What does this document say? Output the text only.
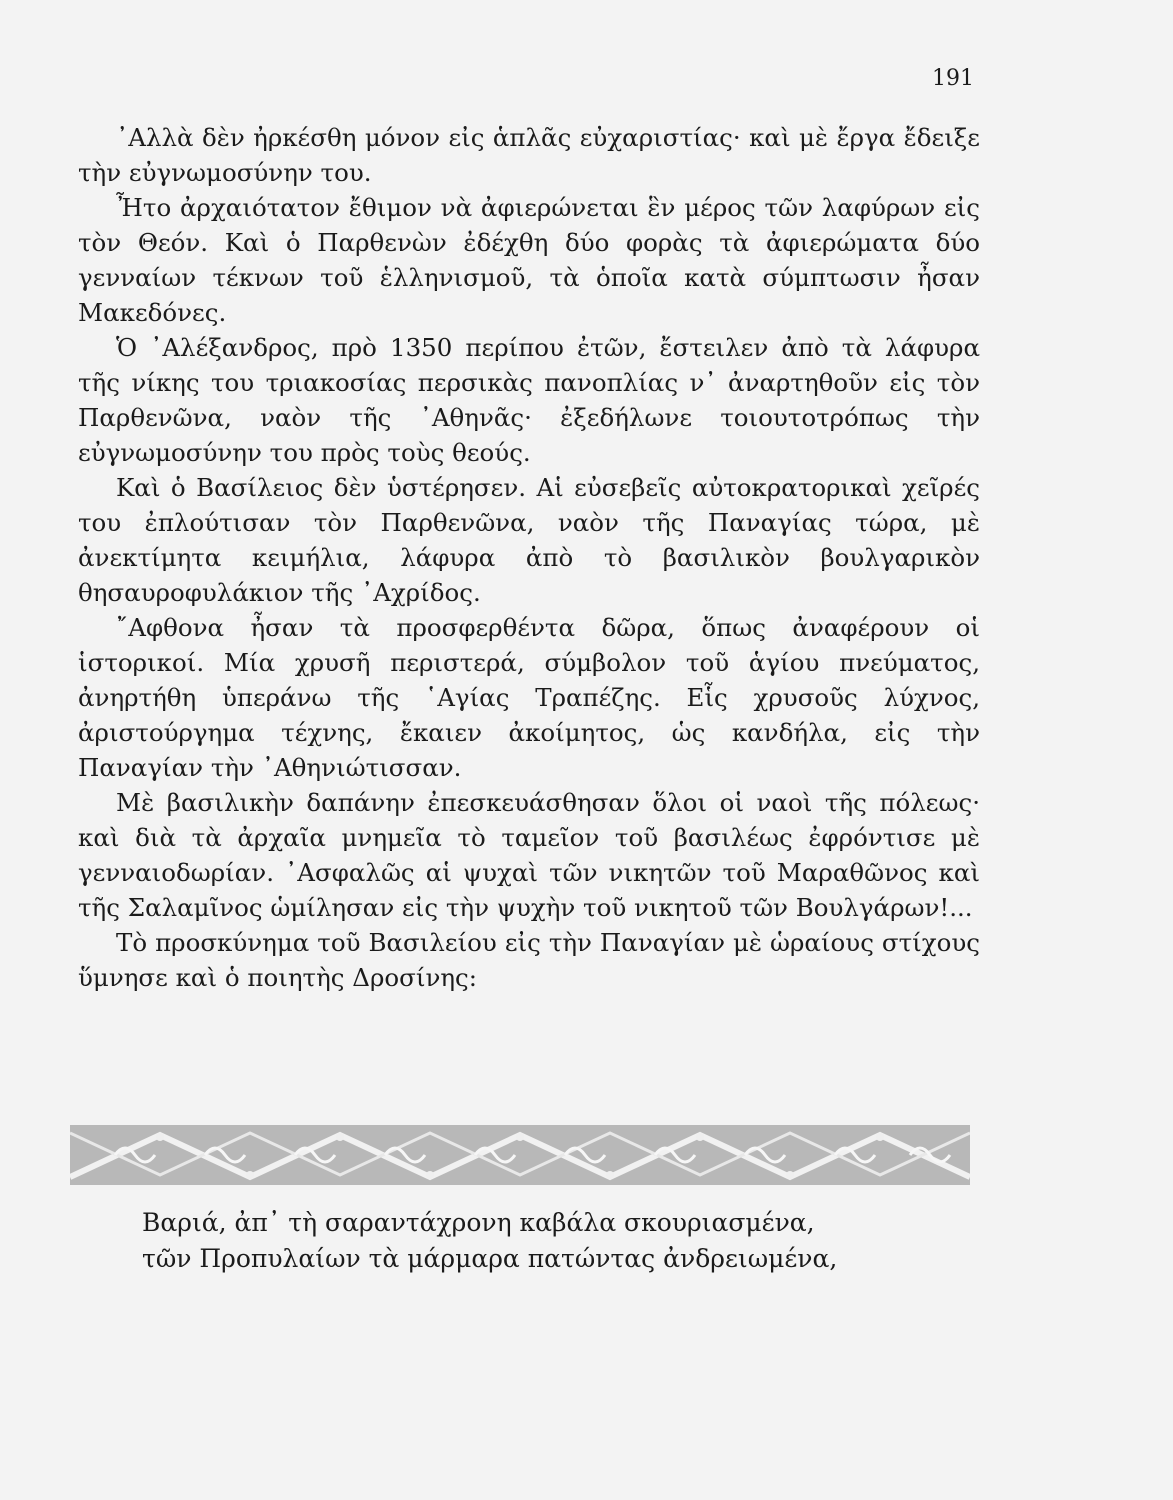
191

᾿Αλλὰ δὲν ἠρκέσθη μόνον εἰς ἁπλᾶς εὐχαριστίας· καὶ μὲ ἔργα ἔδειξε τὴν εὐγνωμοσύνην του.

Ἦτο ἀρχαιότατον ἔθιμον νὰ ἀφιερώνεται ἓν μέρος τῶν λαφύρων εἰς τὸν Θεόν. Καὶ ὁ Παρθενὼν ἐδέχθη δύο φορὰς τὰ ἀφιερώματα δύο γενναίων τέκνων τοῦ ἑλληνισμοῦ, τὰ ὁποῖα κατὰ σύμπτωσιν ἦσαν Μακεδόνες.

Ὁ ᾿Αλέξανδρος, πρὸ 1350 περίπου ἐτῶν, ἔστειλεν ἀπὸ τὰ λάφυρα τῆς νίκης του τριακοσίας περσικὰς πανοπλίας ν᾿ ἀναρτηθοῦν εἰς τὸν Παρθενῶνα, ναὸν τῆς ᾿Αθηνᾶς· ἐξεδήλωνε τοιουτοτρόπως τὴν εὐγνωμοσύνην του πρὸς τοὺς θεούς.

Καὶ ὁ Βασίλειος δὲν ὑστέρησεν. Αἱ εὐσεβεῖς αὐτοκρατορικαὶ χεῖρές του ἐπλούτισαν τὸν Παρθενῶνα, ναὸν τῆς Παναγίας τώρα, μὲ ἀνεκτίμητα κειμήλια, λάφυρα ἀπὸ τὸ βασιλικὸν βουλγαρικὸν θησαυροφυλάκιον τῆς ᾿Αχρίδος.

῎Αφθονα ἦσαν τὰ προσφερθέντα δῶρα, ὅπως ἀναφέρουν οἱ ἱστορικοί. Μία χρυσῆ περιστερά, σύμβολον τοῦ ἁγίου πνεύματος, ἀνηρτήθη ὑπεράνω τῆς ῾Αγίας Τραπέζης. Εἷς χρυσοῦς λύχνος, ἀριστούργημα τέχνης, ἔκαιεν ἀκοίμητος, ὡς κανδήλα, εἰς τὴν Παναγίαν τὴν ᾿Αθηνιώτισσαν.

Μὲ βασιλικὴν δαπάνην ἐπεσκευάσθησαν ὅλοι οἱ ναοὶ τῆς πόλεως· καὶ διὰ τὰ ἀρχαῖα μνημεῖα τὸ ταμεῖον τοῦ βασιλέως ἐφρόντισε μὲ γενναιοδωρίαν. ᾿Ασφαλῶς αἱ ψυχαὶ τῶν νικητῶν τοῦ Μαραθῶνος καὶ τῆς Σαλαμῖνος ὡμίλησαν εἰς τὴν ψυχὴν τοῦ νικητοῦ τῶν Βουλγάρων!...

Τὸ προσκύνημα τοῦ Βασιλείου εἰς τὴν Παναγίαν μὲ ὡραίους στίχους ὕμνησε καὶ ὁ ποιητὴς Δροσίνης:

Βαριά, ἀπ᾿ τὴ σαραντάχρονη καβάλα σκουριασμένα,

τῶν Προπυλαίων τὰ μάρμαρα πατώντας ἀνδρειωμένα,
